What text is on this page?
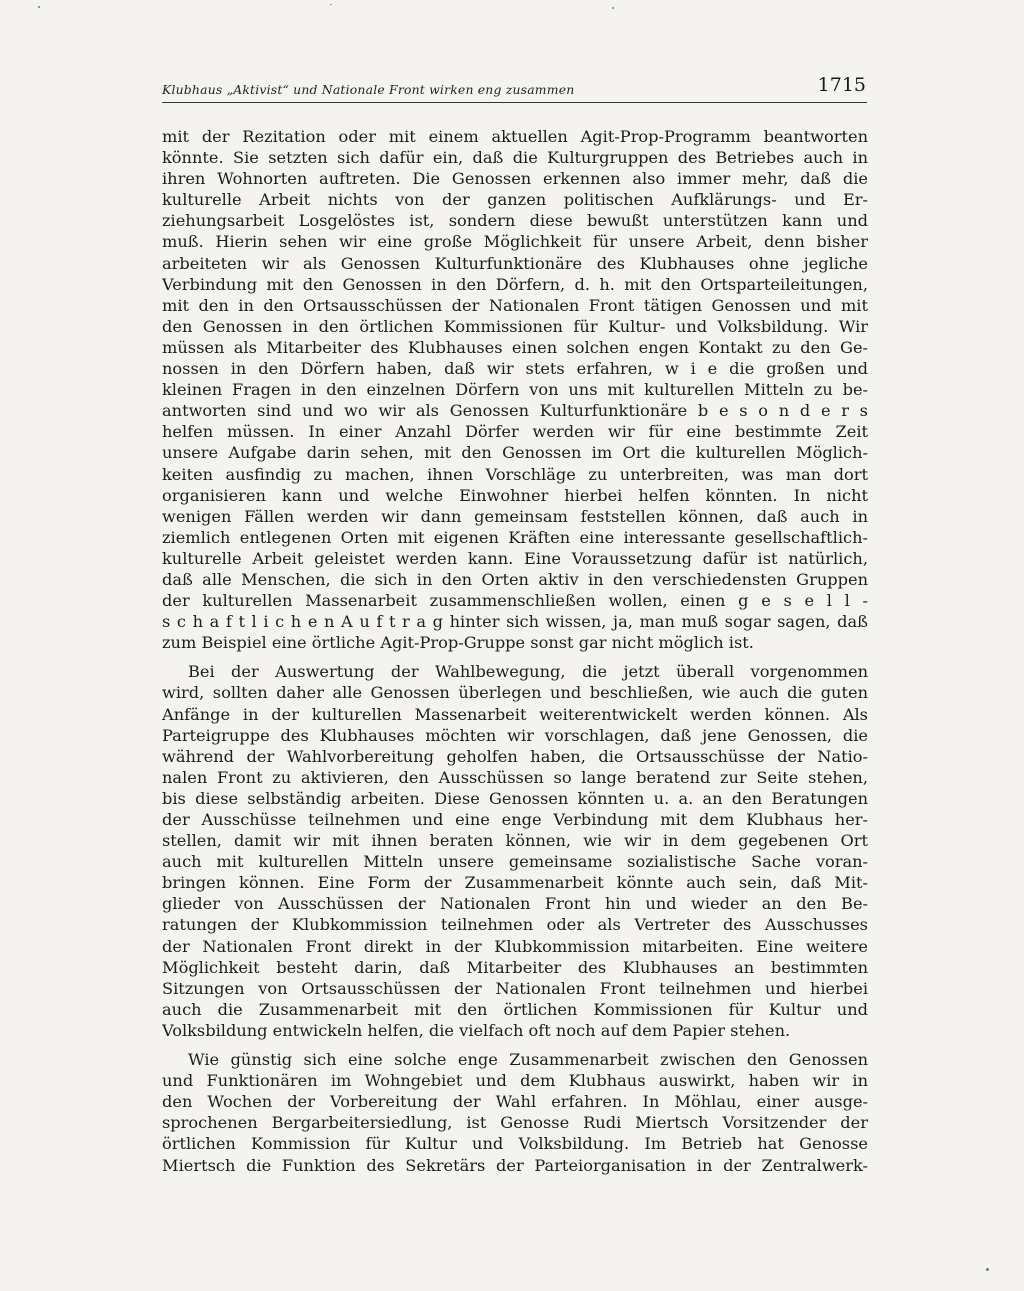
Klubhaus „Aktivist“ und Nationale Front wirken eng zusammen	1715
mit der Rezitation oder mit einem aktuellen Agit-Prop-Programm beantworten
könnte. Sie setzten sich dafür ein, daß die Kulturgruppen des Betriebes auch in
ihren Wohnorten auftreten. Die Genossen erkennen also immer mehr, daß die
kulturelle Arbeit nichts von der ganzen politischen Aufklärungs- und Er-
ziehungsarbeit Losgelöstes ist, sondern diese bewußt unterstützen kann und
muß. Hierin sehen wir eine große Möglichkeit für unsere Arbeit, denn bisher
arbeiteten wir als Genossen Kulturfunktionäre des Klubhauses ohne jegliche
Verbindung mit den Genossen in den Dörfern, d. h. mit den Ortsparteileitungen,
mit den in den Ortsausschüssen der Nationalen Front tätigen Genossen und mit
den Genossen in den örtlichen Kommissionen für Kultur- und Volksbildung. Wir
müssen als Mitarbeiter des Klubhauses einen solchen engen Kontakt zu den Ge-
nossen in den Dörfern haben, daß wir stets erfahren, w i e die großen und
kleinen Fragen in den einzelnen Dörfern von uns mit kulturellen Mitteln zu be-
antworten sind und wo wir als Genossen Kulturfunktionäre b e s o n d e r s
helfen müssen. In einer Anzahl Dörfer werden wir für eine bestimmte Zeit
unsere Aufgabe darin sehen, mit den Genossen im Ort die kulturellen Möglich-
keiten ausfindig zu machen, ihnen Vorschläge zu unterbreiten, was man dort
organisieren kann und welche Einwohner hierbei helfen könnten. In nicht
wenigen Fällen werden wir dann gemeinsam feststellen können, daß auch in
ziemlich entlegenen Orten mit eigenen Kräften eine interessante gesellschaftlich-
kulturelle Arbeit geleistet werden kann. Eine Voraussetzung dafür ist natürlich,
daß alle Menschen, die sich in den Orten aktiv in den verschiedensten Gruppen
der kulturellen Massenarbeit zusammenschließen wollen, einen g e s e l l -
s c h a f t l i c h e n A u f t r a g hinter sich wissen, ja, man muß sogar sagen, daß
zum Beispiel eine örtliche Agit-Prop-Gruppe sonst gar nicht möglich ist.
Bei der Auswertung der Wahlbewegung, die jetzt überall vorgenommen
wird, sollten daher alle Genossen überlegen und beschließen, wie auch die guten
Anfänge in der kulturellen Massenarbeit weiterentwickelt werden können. Als
Parteigruppe des Klubhauses möchten wir vorschlagen, daß jene Genossen, die
während der Wahlvorbereitung geholfen haben, die Ortsausschüsse der Natio-
nalen Front zu aktivieren, den Ausschüssen so lange beratend zur Seite stehen,
bis diese selbständig arbeiten. Diese Genossen könnten u. a. an den Beratungen
der Ausschüsse teilnehmen und eine enge Verbindung mit dem Klubhaus her-
stellen, damit wir mit ihnen beraten können, wie wir in dem gegebenen Ort
auch mit kulturellen Mitteln unsere gemeinsame sozialistische Sache voran-
bringen können. Eine Form der Zusammenarbeit könnte auch sein, daß Mit-
glieder von Ausschüssen der Nationalen Front hin und wieder an den Be-
ratungen der Klubkommission teilnehmen oder als Vertreter des Ausschusses
der Nationalen Front direkt in der Klubkommission mitarbeiten. Eine weitere
Möglichkeit besteht darin, daß Mitarbeiter des Klubhauses an bestimmten
Sitzungen von Ortsausschüssen der Nationalen Front teilnehmen und hierbei
auch die Zusammenarbeit mit den örtlichen Kommissionen für Kultur und
Volksbildung entwickeln helfen, die vielfach oft noch auf dem Papier stehen.
Wie günstig sich eine solche enge Zusammenarbeit zwischen den Genossen
und Funktionären im Wohngebiet und dem Klubhaus auswirkt, haben wir in
den Wochen der Vorbereitung der Wahl erfahren. In Möhlau, einer ausge-
sprochenen Bergarbeitersiedlung, ist Genosse Rudi Miertsch Vorsitzender der
örtlichen Kommission für Kultur und Volksbildung. Im Betrieb hat Genosse
Miertsch die Funktion des Sekretärs der Parteiorganisation in der Zentralwerk-
